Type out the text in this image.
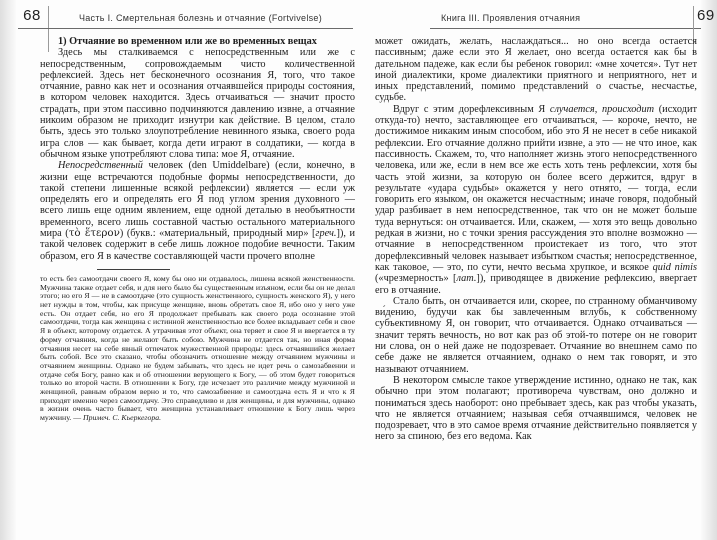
68	Часть I. Смертельная болезнь и отчаяние (Fortvivelse)	Книга III. Проявления отчаяния	69

1) Отчаяние во временном или же во временных вещах

Здесь мы сталкиваемся с непосредственным или же с непосредственным, сопровождаемым чисто количественной рефлексией. Здесь нет бесконечного осознания Я, того, что такое отчаяние, равно как нет и осознания отчаявшейся природы состояния, в котором человек находится. Здесь отчаиваться — значит просто страдать, при этом пассивно подчиняются давлению извне, а отчаяние никоим образом не приходит изнутри как действие. В целом, стало быть, здесь это только злоупотребление невинного языка, своего рода игра слов — как бывает, когда дети играют в солдатики, — когда в обычном языке употребляют слова типа: мое Я, отчаяние.

Непосредственный человек (den Umiddelbare) (если, конечно, в жизни еще встречаются подобные формы непосредственности, до такой степени лишенные всякой рефлексии) является — если уж определять его и определять его Я под углом зрения духовного — всего лишь еще одним явлением, еще одной деталью в необъятности временного, всего лишь составной частью остального материального мира (τὸ ἕτερον) (букв.: «материальный, природный мир» [греч.]), и такой человек содержит в себе лишь ложное подобие вечности. Таким образом, его Я в качестве составляющей части прочего вполне

то есть без самоотдачи своего Я, кому бы оно ни отдавалось, лишена всякой женственности. Мужчина также отдает себя, и для него было бы существенным изъяном, если бы он не делал этого; но его Я — не в самоотдаче (это сущность женственного, сущность женского Я), у него нет нужды в том, чтобы, как присуще женщине, вновь обретать свое Я, ибо оно у него уже есть. Он отдает себя, но его Я продолжает пребывать как своего рода осознание этой самоотдачи, тогда как женщина с истинной женственностью все более вкладывает себя и свое Я в объект, которому отдается. А утрачивая этот объект, она теряет и свое Я и ввергается в ту форму отчаяния, когда не желают быть собою. Мужчина не отдается так, но иная форма отчаяния несет на себе явный отпечаток мужественной природы: здесь отчаявшийся желает быть собой. Все это сказано, чтобы обозначить отношение между отчаянием мужчины и отчаянием женщины. Однако не будем забывать, что здесь не идет речь о самозабвении и отдаче себя Богу, равно как и об отношении верующего к Богу, — об этом будет говориться только во второй части. В отношении к Богу, где исчезает это различие между мужчиной и женщиной, равным образом верно и то, что самозабвение и самоотдача есть Я и что к Я приходят именно через самоотдачу. Это справедливо и для женщины, и для мужчины, однако в жизни очень часто бывает, что женщина устанавливает отношение к Богу лишь через мужчину. — Примеч. С. Кьеркегора.

может ожидать, желать, наслаждаться... но оно всегда остается пассивным; даже если это Я желает, оно всегда остается как бы в дательном падеже, как если бы ребенок говорил: «мне хочется». Тут нет иной диалектики, кроме диалектики приятного и неприятного, нет и иных представлений, помимо представлений о счастье, несчастье, судьбе.

Вдруг с этим дорефлексивным Я случается, происходит (исходит откуда-то) нечто, заставляющее его отчаиваться, — короче, нечто, не достижимое никаким иным способом, ибо это Я не несет в себе никакой рефлексии. Его отчаяние должно прийти извне, а это — не что иное, как пассивность. Скажем, то, что наполняет жизнь этого непосредственного человека, или же, если в нем все же есть хоть тень рефлексии, хотя бы часть этой жизни, за которую он более всего держится, вдруг в результате «удара судьбы» окажется у него отнято, — тогда, если говорить его языком, он окажется несчастным; иначе говоря, подобный удар разбивает в нем непосредственное, так что он не может больше туда вернуться: он отчаивается. Или, скажем, — хотя это вещь довольно редкая в жизни, но с точки зрения рассуждения это вполне возможно — отчаяние в непосредственном проистекает из того, что этот дорефлексивный человек называет избытком счастья; непосредственное, как таковое, — это, по сути, нечто весьма хрупкое, и всякое quid nimis («чрезмерность» [лат.]), приводящее в движение рефлексию, ввергает его в отчаяние.

Стало быть, он отчаивается или, скорее, по странному обманчивому ви́дению, будучи как бы завлеченным вглубь, к собственному субъективному Я, он говорит, что отчаивается. Однако отчаиваться — значит терять вечность, но вот как раз об этой-то потере он не говорит ни слова, он о ней даже не подозревает. Отчаяние во внешнем само по себе даже не является отчаянием, однако о нем так говорят, и это называют отчаянием.

В некотором смысле такое утверждение истинно, однако не так, как обычно при этом полагают; противореча чувствам, оно должно и пониматься здесь наоборот: оно пребывает здесь, как раз чтобы указать, что не является отчаянием; называя себя отчаявшимся, человек не подозревает, что в это самое время отчаяние действительно появляется у него за спиною, без его ведома. Как
